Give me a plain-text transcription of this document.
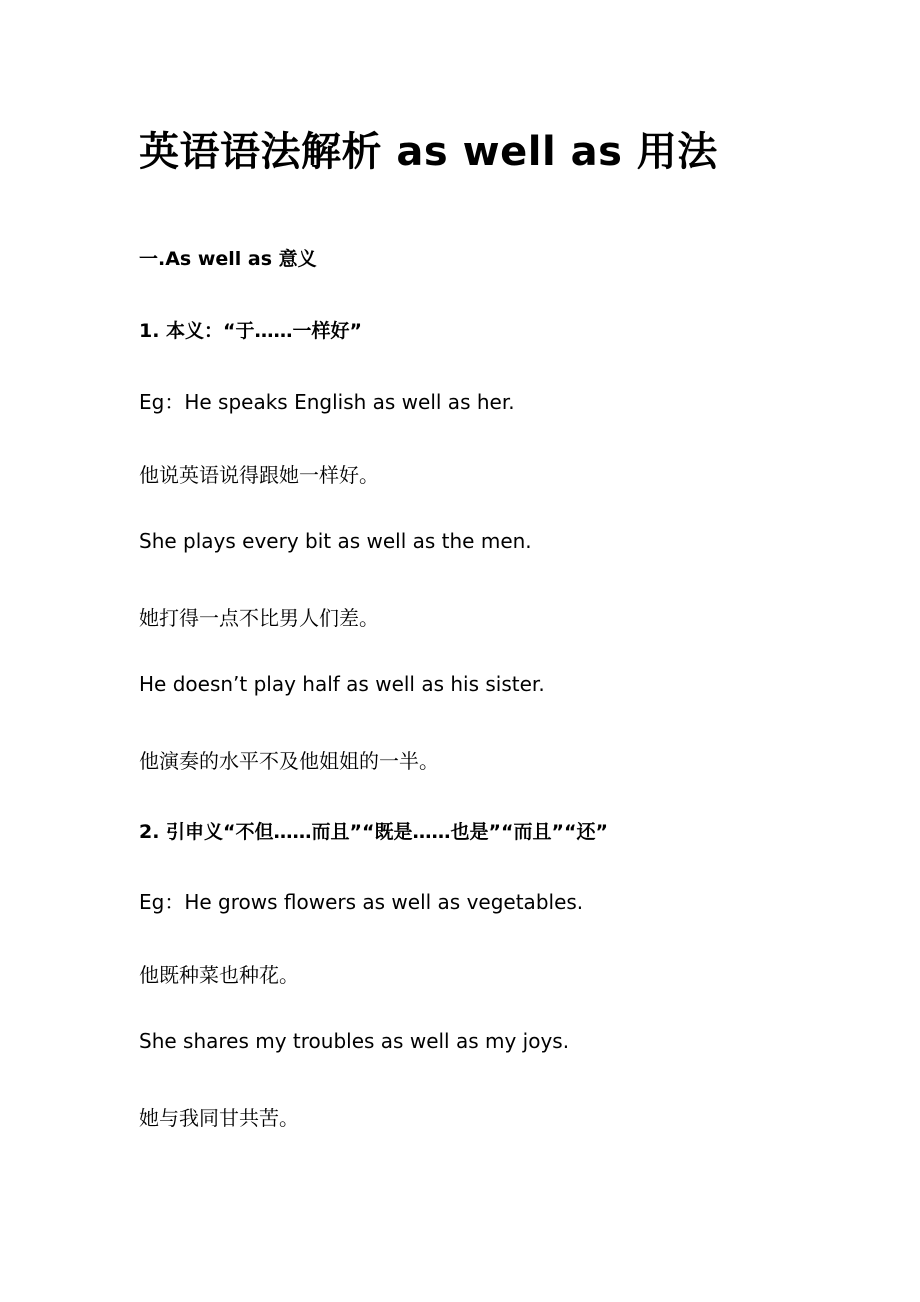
英语语法解析 as well as 用法
一.As well as 意义
1. 本义：“于……一样好”
Eg：He speaks English as well as her.
他说英语说得跟她一样好。
She plays every bit as well as the men.
她打得一点不比男人们差。
He doesn’t play half as well as his sister.
他演奏的水平不及他姐姐的一半。
2. 引申义“不但……而且”“既是……也是”“而且”“还”
Eg：He grows flowers as well as vegetables.
他既种菜也种花。
She shares my troubles as well as my joys.
她与我同甘共苦。
